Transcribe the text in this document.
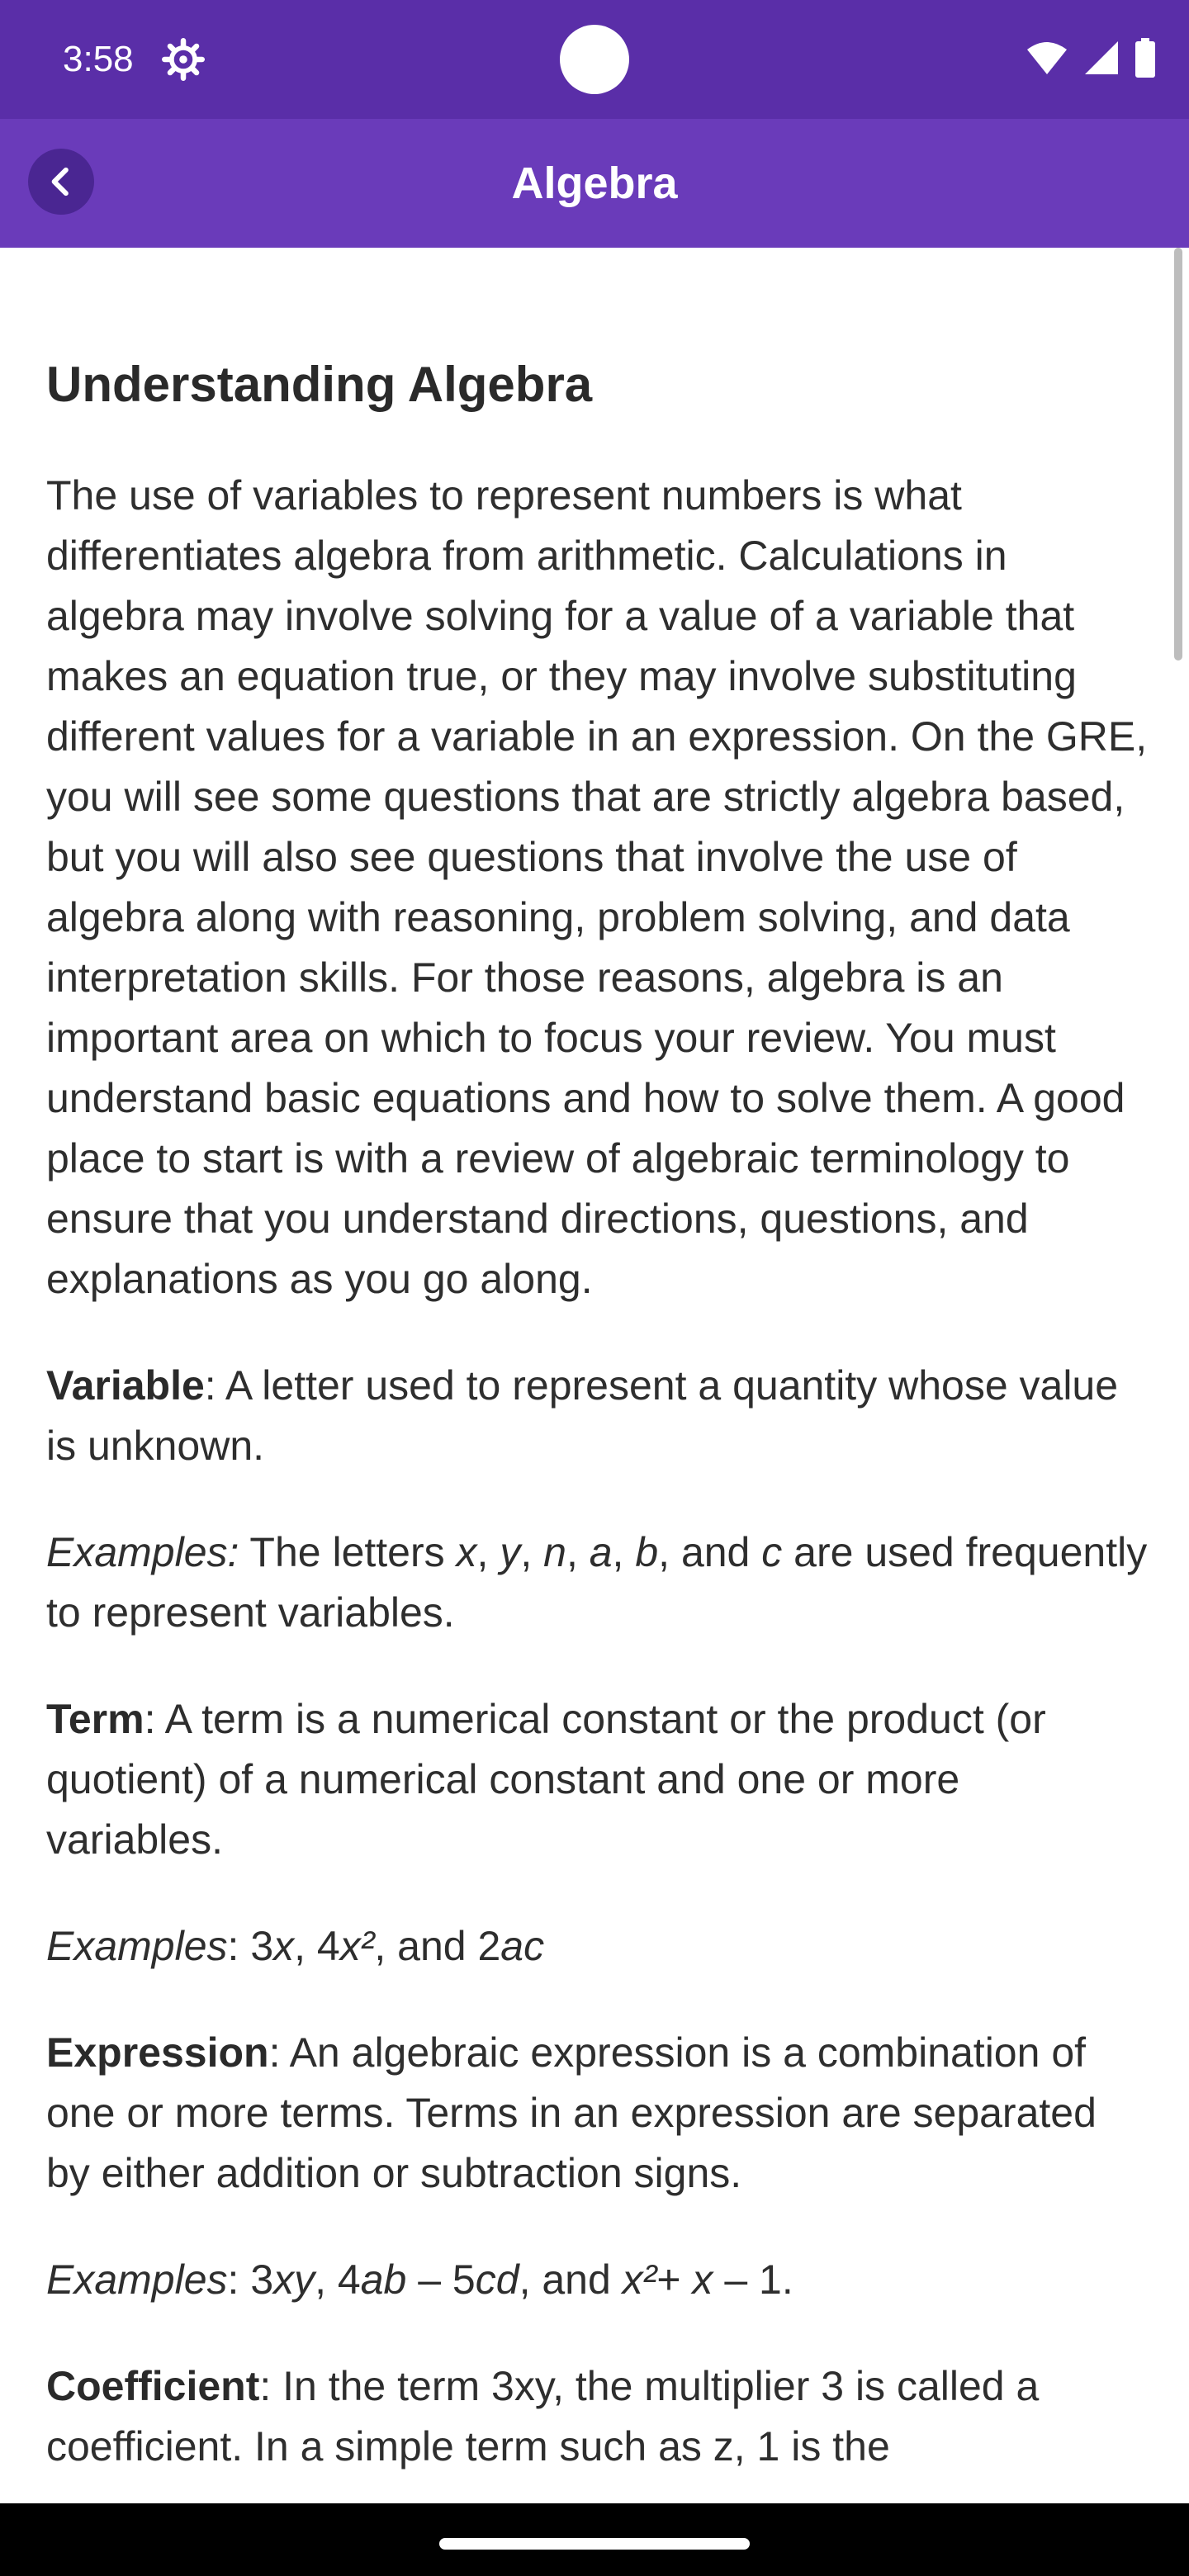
3:58
Algebra
Understanding Algebra

The use of variables to represent numbers is what differentiates algebra from arithmetic. Calculations in algebra may involve solving for a value of a variable that makes an equation true, or they may involve substituting different values for a variable in an expression. On the GRE, you will see some questions that are strictly algebra based, but you will also see questions that involve the use of algebra along with reasoning, problem solving, and data interpretation skills. For those reasons, algebra is an important area on which to focus your review. You must understand basic equations and how to solve them. A good place to start is with a review of algebraic terminology to ensure that you understand directions, questions, and explanations as you go along.

Variable: A letter used to represent a quantity whose value is unknown.

Examples: The letters x, y, n, a, b, and c are used frequently to represent variables.

Term: A term is a numerical constant or the product (or quotient) of a numerical constant and one or more variables.

Examples: 3x, 4x², and 2ac

Expression: An algebraic expression is a combination of one or more terms. Terms in an expression are separated by either addition or subtraction signs.

Examples: 3xy, 4ab – 5cd, and x²+ x – 1.

Coefficient: In the term 3xy, the multiplier 3 is called a coefficient. In a simple term such as z, 1 is the
